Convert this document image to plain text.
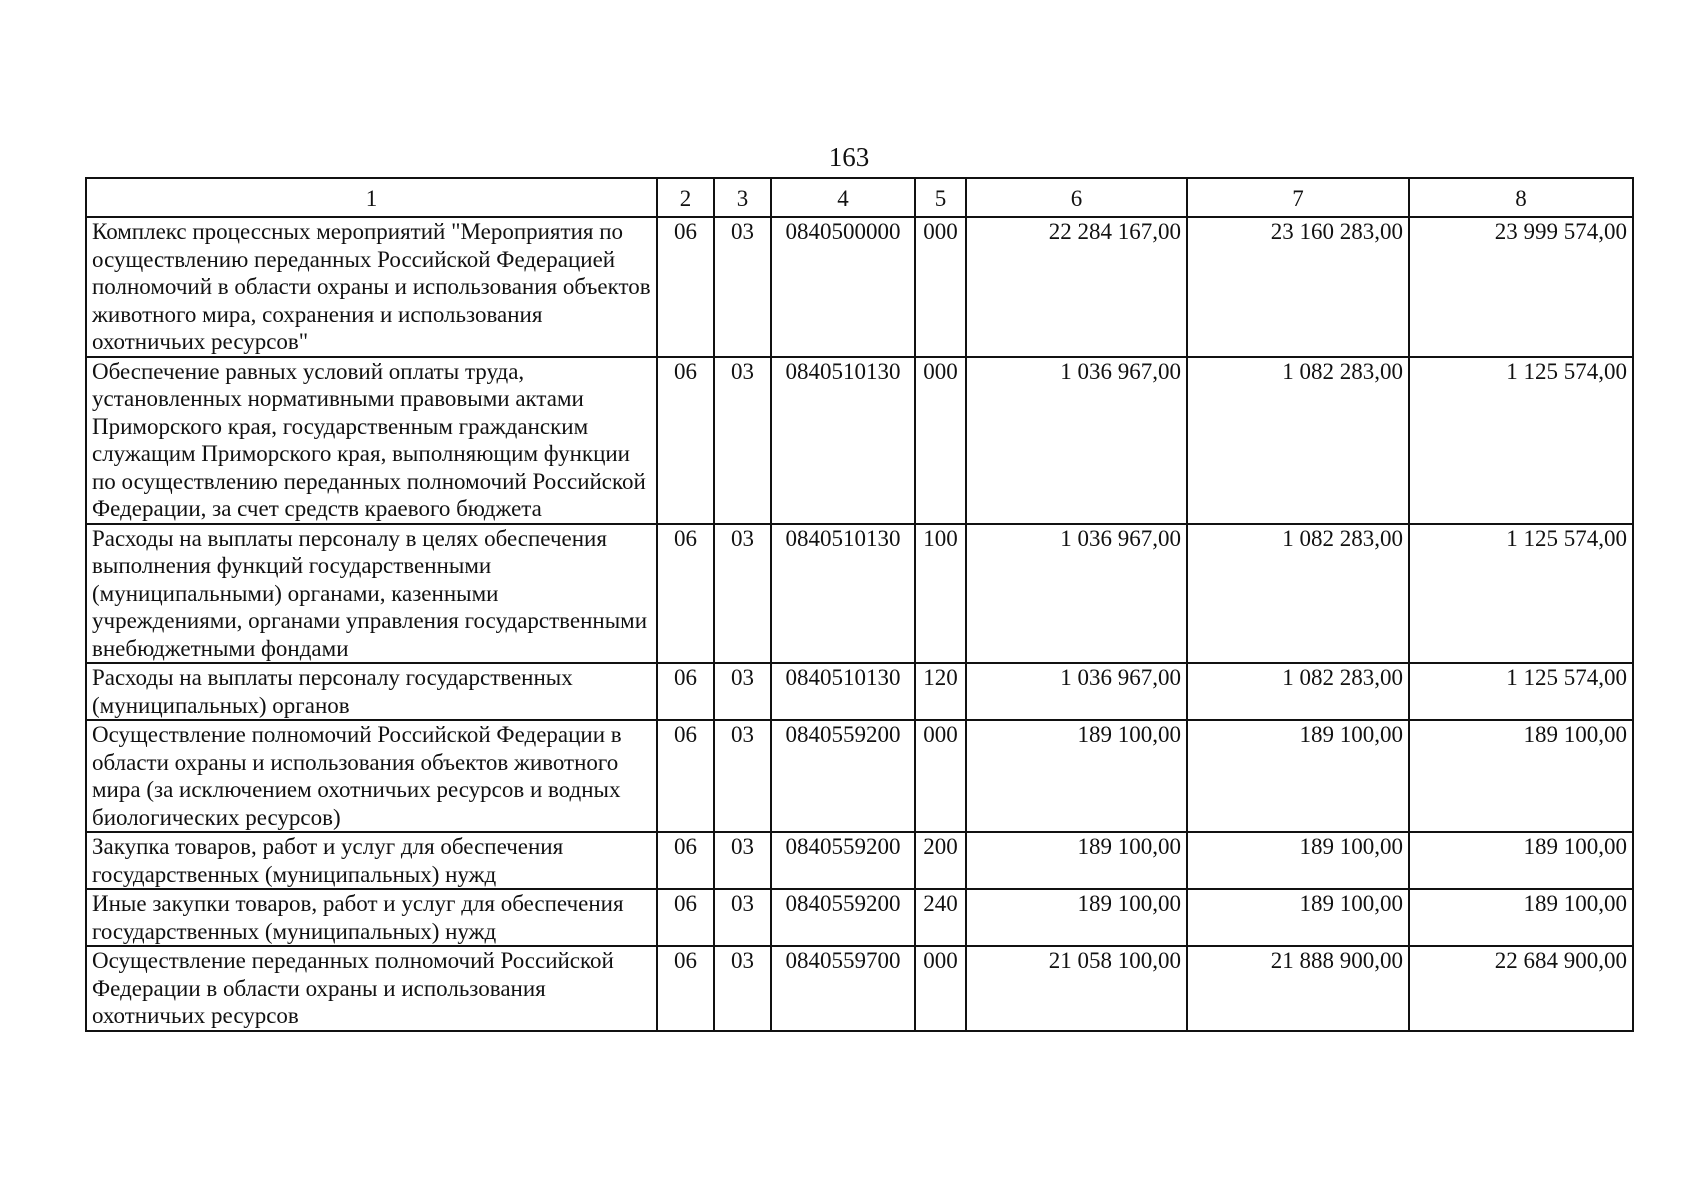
163
1	2	3	4	5	6	7	8
Комплекс процессных мероприятий "Мероприятия по осуществлению переданных Российской Федерацией полномочий в области охраны и использования объектов животного мира, сохранения и использования охотничьих ресурсов"	06	03	0840500000	000	22 284 167,00	23 160 283,00	23 999 574,00
Обеспечение равных условий оплаты труда, установленных нормативными правовыми актами Приморского края, государственным гражданским служащим Приморского края, выполняющим функции по осуществлению переданных полномочий Российской Федерации, за счет средств краевого бюджета	06	03	0840510130	000	1 036 967,00	1 082 283,00	1 125 574,00
Расходы на выплаты персоналу в целях обеспечения выполнения функций государственными (муниципальными) органами, казенными учреждениями, органами управления государственными внебюджетными фондами	06	03	0840510130	100	1 036 967,00	1 082 283,00	1 125 574,00
Расходы на выплаты персоналу государственных (муниципальных) органов	06	03	0840510130	120	1 036 967,00	1 082 283,00	1 125 574,00
Осуществление полномочий Российской Федерации в области охраны и использования объектов животного мира (за исключением охотничьих ресурсов и водных биологических ресурсов)	06	03	0840559200	000	189 100,00	189 100,00	189 100,00
Закупка товаров, работ и услуг для обеспечения государственных (муниципальных) нужд	06	03	0840559200	200	189 100,00	189 100,00	189 100,00
Иные закупки товаров, работ и услуг для обеспечения государственных (муниципальных) нужд	06	03	0840559200	240	189 100,00	189 100,00	189 100,00
Осуществление переданных полномочий Российской Федерации в области охраны и использования охотничьих ресурсов	06	03	0840559700	000	21 058 100,00	21 888 900,00	22 684 900,00
